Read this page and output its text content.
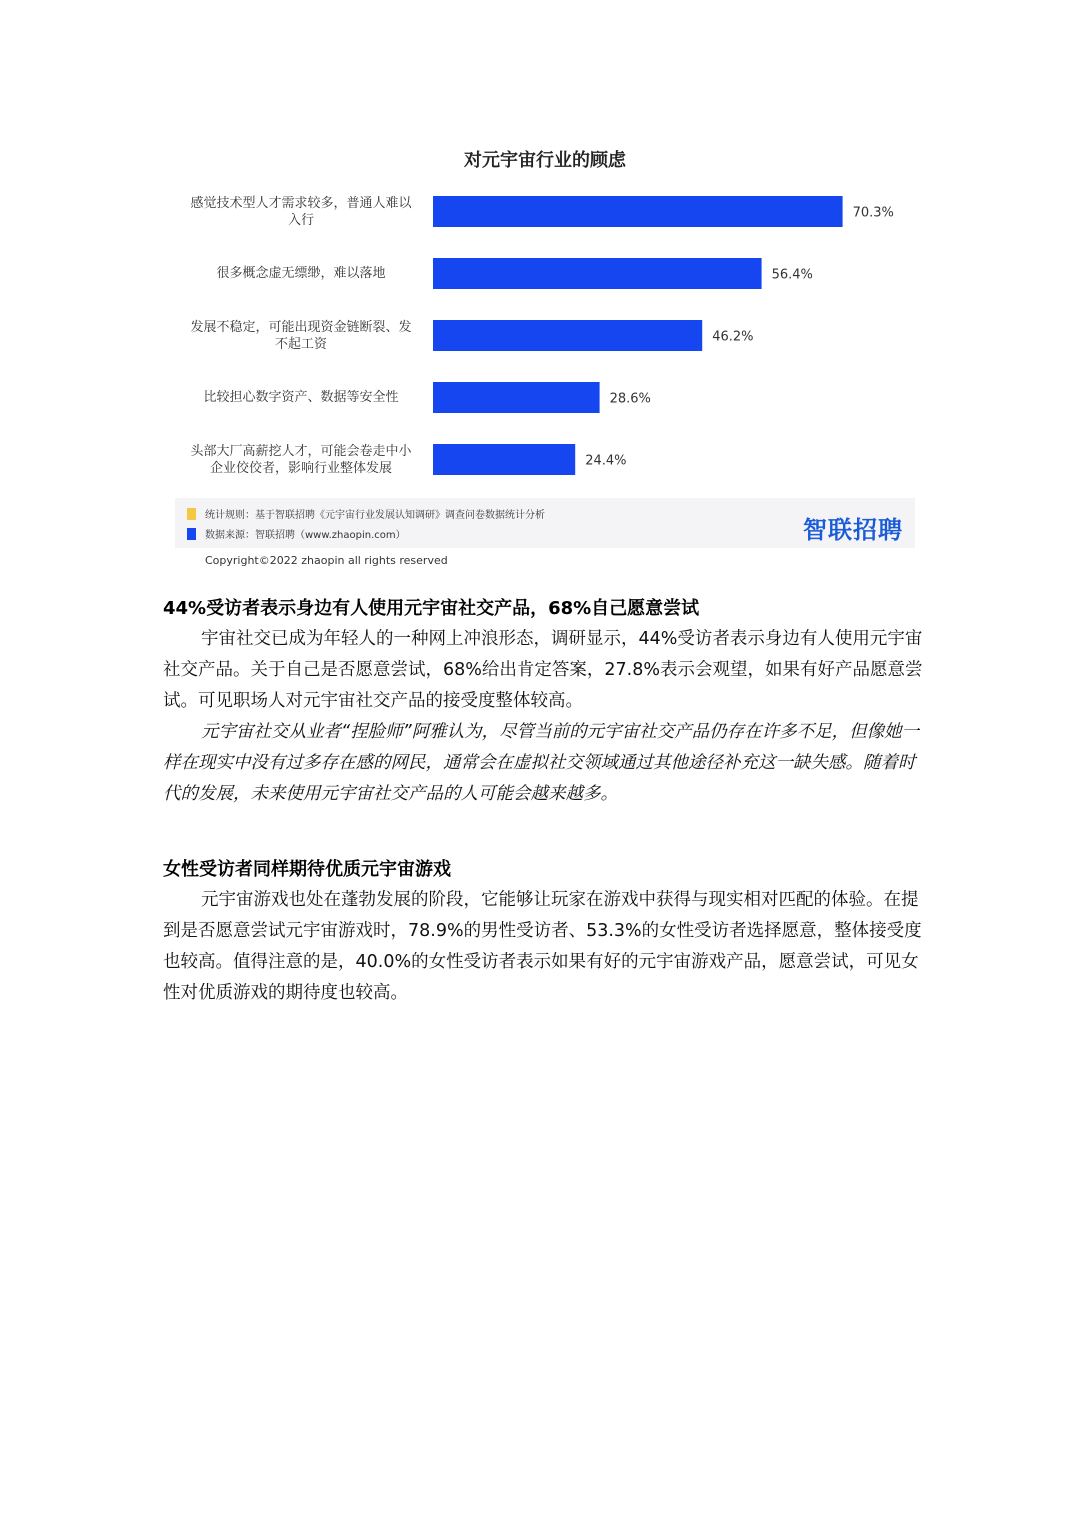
对元宇宙行业的顾虑
70.3%
56.4%
46.2%
28.6%
24.4%
感觉技术型人才需求较多，普通人难以
入行
很多概念虚无缥缈，难以落地
发展不稳定，可能出现资金链断裂、发
不起工资
比较担心数字资产、数据等安全性
头部大厂高薪挖人才，可能会卷走中小
企业佼佼者，影响行业整体发展
统计规则：基于智联招聘《元宇宙行业发展认知调研》调查问卷数据统计分析
数据来源：智联招聘（www.zhaopin.com）	智联招聘
Copyright©2022 zhaopin all rights reserved
44%受访者表示身边有人使用元宇宙社交产品，68%自己愿意尝试

宇宙社交已成为年轻人的一种网上冲浪形态，调研显示，44%受访者表示身边有人使用元宇宙社交产品。关于自己是否愿意尝试，68%给出肯定答案，27.8%表示会观望，如果有好产品愿意尝试。可见职场人对元宇宙社交产品的接受度整体较高。

元宇宙社交从业者“捏脸师”阿雅认为，尽管当前的元宇宙社交产品仍存在许多不足，但像她一样在现实中没有过多存在感的网民，通常会在虚拟社交领域通过其他途径补充这一缺失感。随着时代的发展，未来使用元宇宙社交产品的人可能会越来越多。

女性受访者同样期待优质元宇宙游戏

元宇宙游戏也处在蓬勃发展的阶段，它能够让玩家在游戏中获得与现实相对匹配的体验。在提到是否愿意尝试元宇宙游戏时，78.9%的男性受访者、53.3%的女性受访者选择愿意，整体接受度也较高。值得注意的是，40.0%的女性受访者表示如果有好的元宇宙游戏产品，愿意尝试，可见女性对优质游戏的期待度也较高。
